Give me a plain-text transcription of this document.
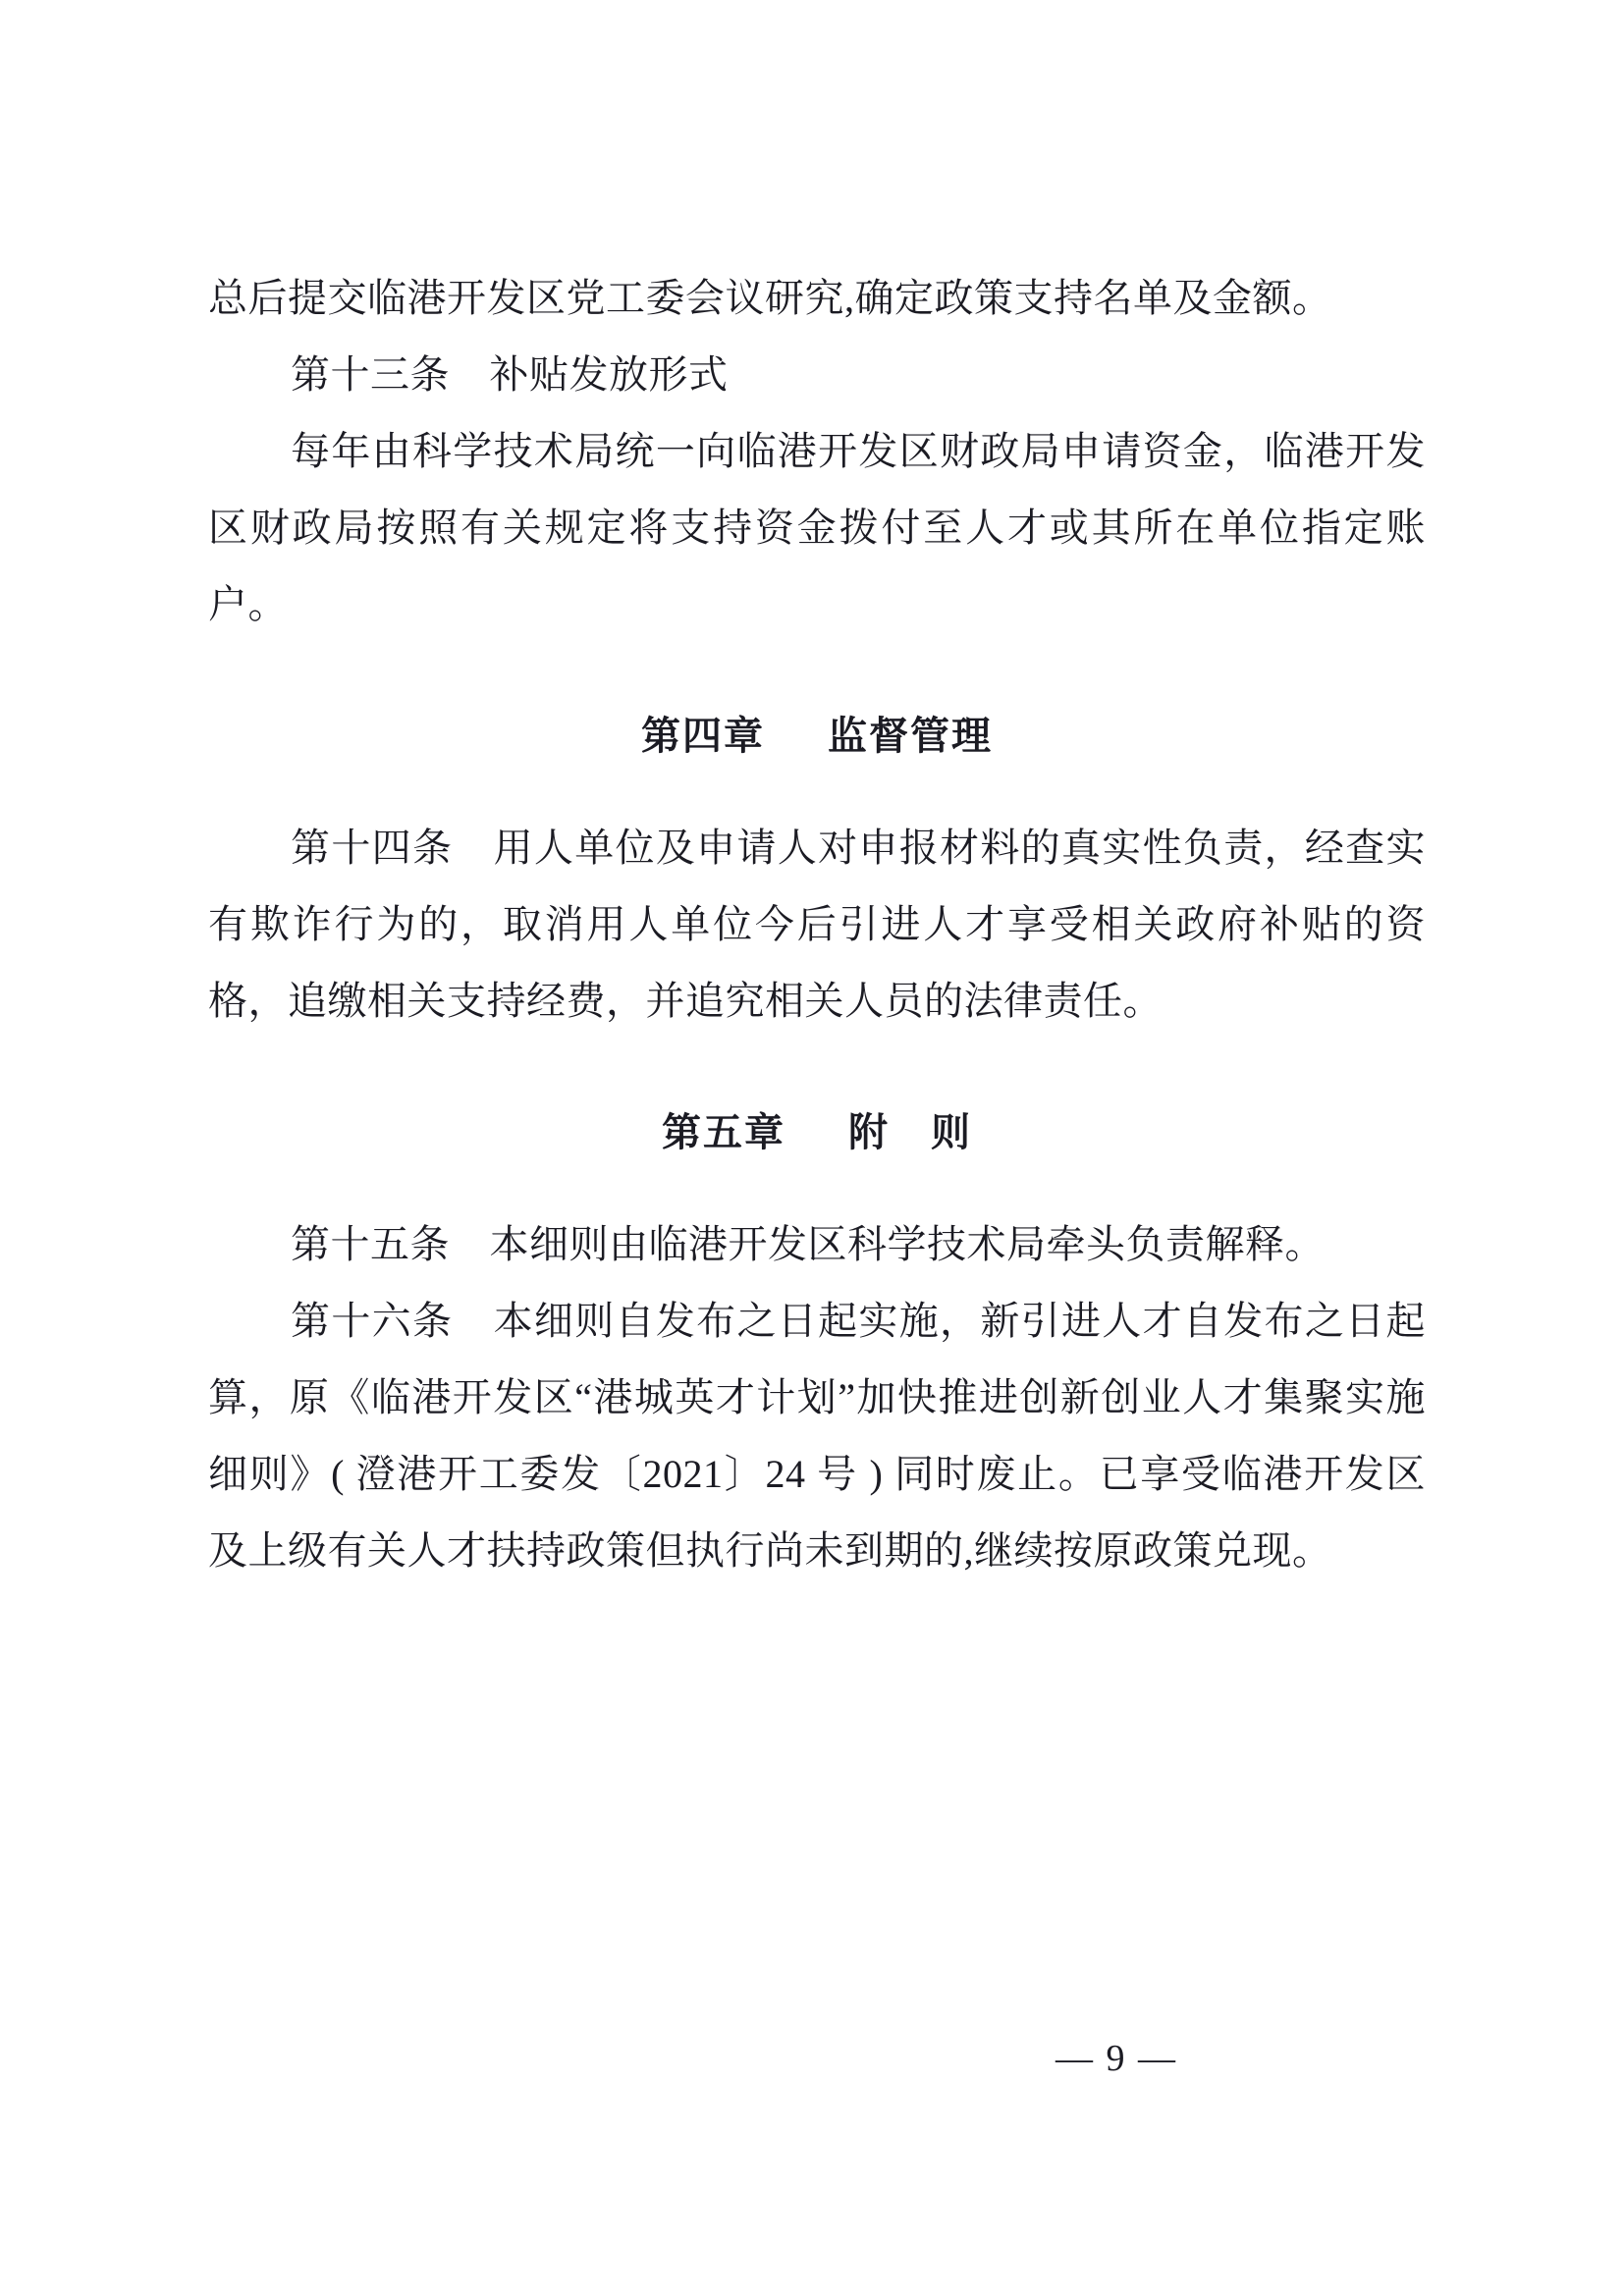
总后提交临港开发区党工委会议研究,确定政策支持名单及金额。

第十三条　补贴发放形式

每年由科学技术局统一向临港开发区财政局申请资金，临港开发区财政局按照有关规定将支持资金拨付至人才或其所在单位指定账户。

第四章 监督管理

第十四条　用人单位及申请人对申报材料的真实性负责，经查实有欺诈行为的，取消用人单位今后引进人才享受相关政府补贴的资格，追缴相关支持经费，并追究相关人员的法律责任。

第五章 附　则

第十五条　本细则由临港开发区科学技术局牵头负责解释。

第十六条　本细则自发布之日起实施，新引进人才自发布之日起算，原《临港开发区“港城英才计划”加快推进创新创业人才集聚实施细则》( 澄港开工委发〔2021〕24 号 ) 同时废止。已享受临港开发区及上级有关人才扶持政策但执行尚未到期的,继续按原政策兑现。

— 9 —
